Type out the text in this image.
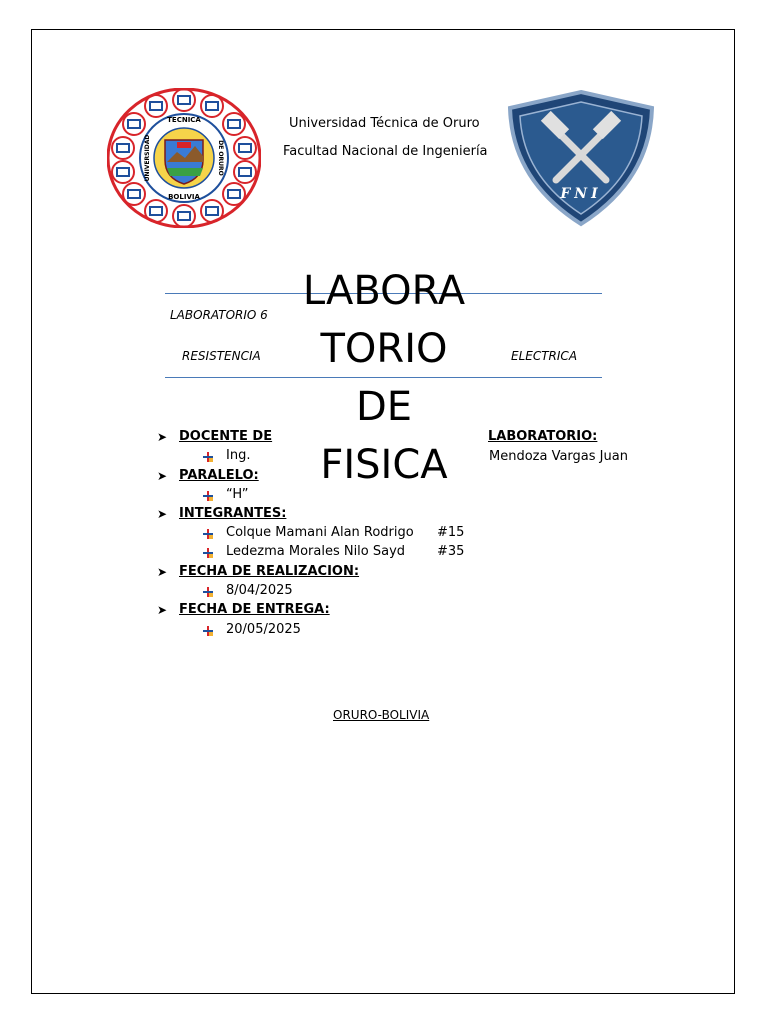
TECNICA
BOLIVIA
UNIVERSIDAD	DE ORURO
Universidad Técnica de Oruro
Facultad Nacional de Ingeniería
FNI
LABORATORIO 6
RESISTENCIA	ELECTRICA
LABORA
TORIO
DE
FISICA
➤ DOCENTE DE	LABORATORIO:
Ing.	Mendoza Vargas Juan
➤ PARALELO:
“H”
➤ INTEGRANTES:
Colque Mamani Alan Rodrigo #15
Ledezma Morales Nilo Sayd #35
➤ FECHA DE REALIZACION:
8/04/2025
➤ FECHA DE ENTREGA:
20/05/2025
ORURO-BOLIVIA
